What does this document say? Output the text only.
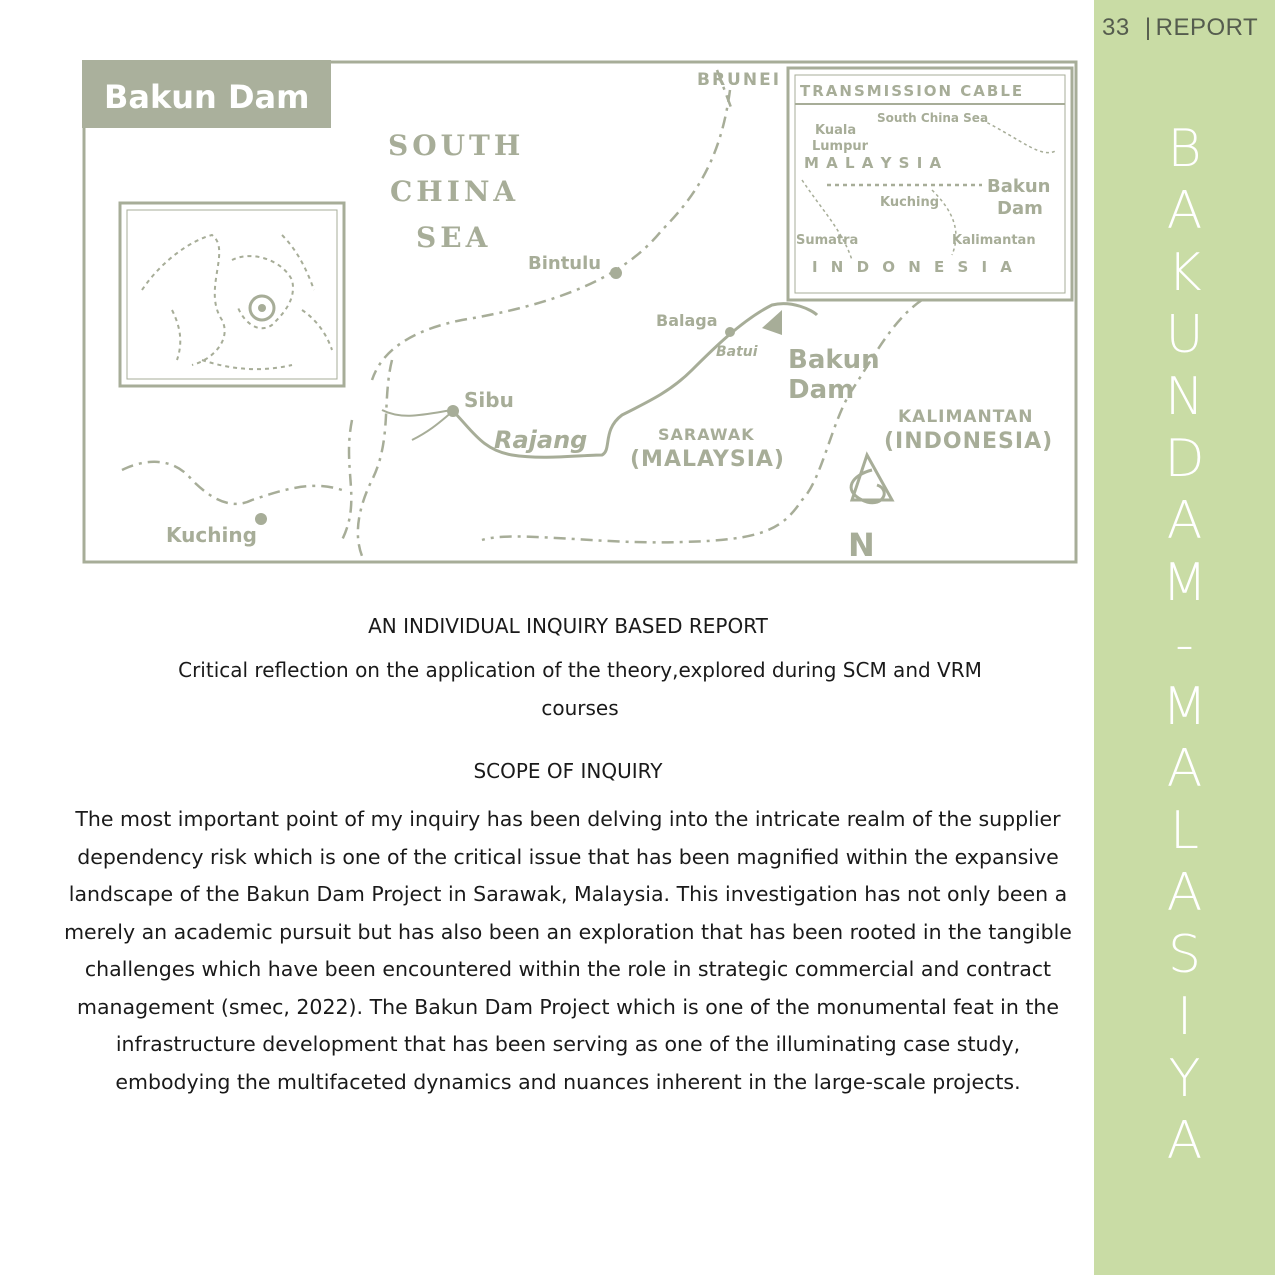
Bakun Dam
SOUTH
CHINA
SEA
BRUNEI
TRANSMISSION CABLE
South China Sea
Kuala
Lumpur
M A L A Y S I A
Bakun
Dam
Kuching
Sumatra	Kalimantan
I N D O N E S I A
Bintulu
Balaga
Batui Bakun
Dam
Sibu
Rajang	SARAWAK
(MALAYSIA)
KALIMANTAN
(INDONESIA)
Kuching	N
AN INDIVIDUAL INQUIRY BASED REPORT
Critical reflection on the application of the theory,explored during SCM and VRM courses
SCOPE OF INQUIRY
The most important point of my inquiry has been delving into the intricate realm of the supplier dependency risk which is one of the critical issue that has been magnified within the expansive landscape of the Bakun Dam Project in Sarawak, Malaysia. This investigation has not only been a merely an academic pursuit but has also been an exploration that has been rooted in the tangible challenges which have been encountered within the role in strategic commercial and contract management (smec, 2022). The Bakun Dam Project which is one of the monumental feat in the infrastructure development that has been serving as one of the illuminating case study, embodying the multifaceted dynamics and nuances inherent in the large-scale projects.
33 | REPORT
B
A
K
U
N
D
A
M
-
M
A
L
A
S
I
Y
A
